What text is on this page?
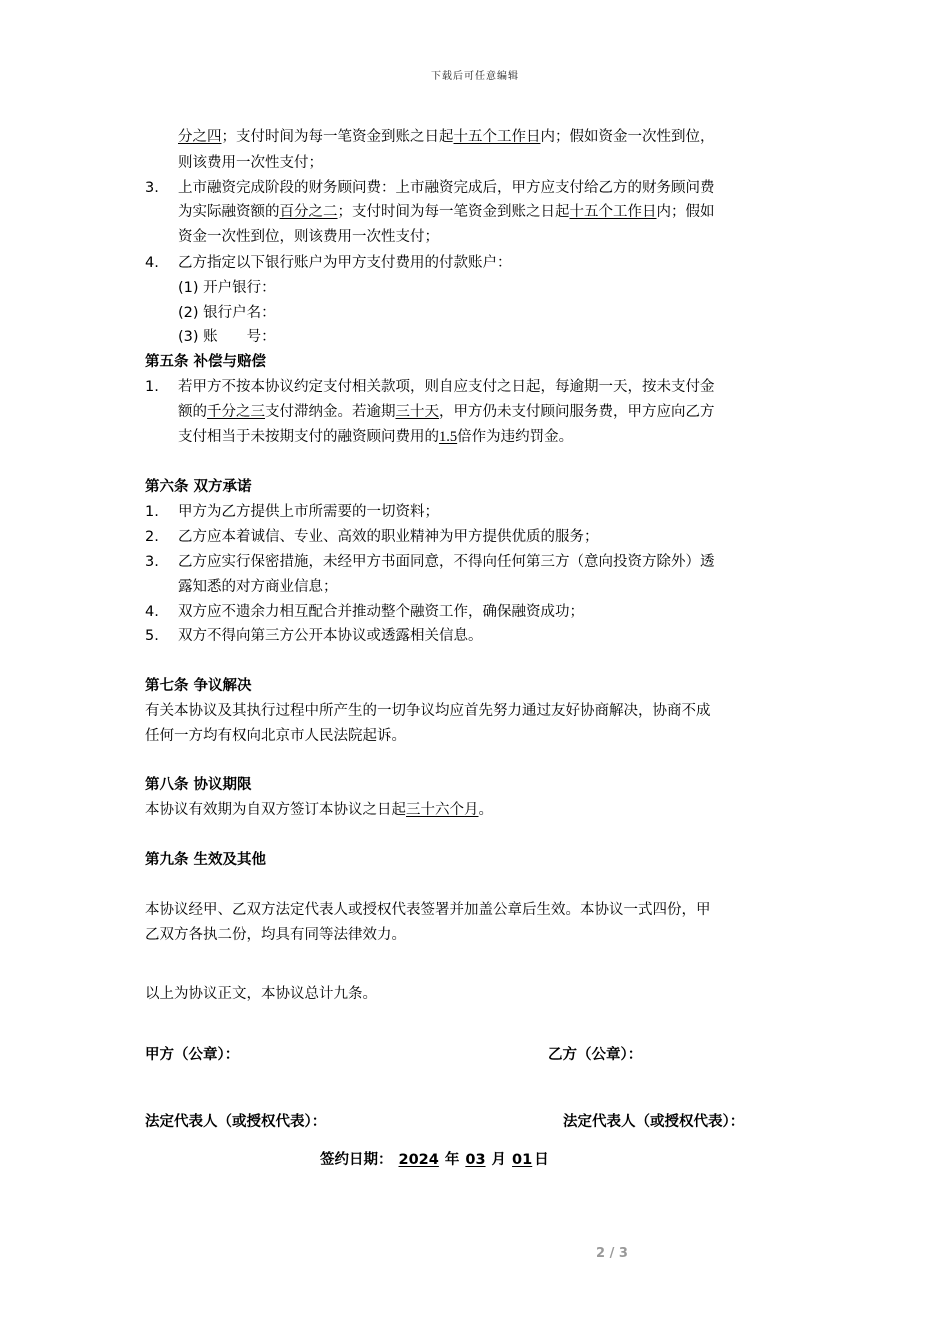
下载后可任意编辑
分之四；支付时间为每一笔资金到账之日起十五个工作日内；假如资金一次性到位，
则该费用一次性支付；
3. 上市融资完成阶段的财务顾问费：上市融资完成后，甲方应支付给乙方的财务顾问费
为实际融资额的百分之二；支付时间为每一笔资金到账之日起十五个工作日内；假如
资金一次性到位，则该费用一次性支付；
4. 乙方指定以下银行账户为甲方支付费用的付款账户：
(1) 开户银行：
(2) 银行户名：
(3) 账　　号：
第五条 补偿与赔偿
1. 若甲方不按本协议约定支付相关款项，则自应支付之日起，每逾期一天，按未支付金
额的千分之三支付滞纳金。若逾期三十天，甲方仍未支付顾问服务费，甲方应向乙方
支付相当于未按期支付的融资顾问费用的1.5倍作为违约罚金。
第六条 双方承诺
1. 甲方为乙方提供上市所需要的一切资料；
2. 乙方应本着诚信、专业、高效的职业精神为甲方提供优质的服务；
3. 乙方应实行保密措施，未经甲方书面同意，不得向任何第三方（意向投资方除外）透
露知悉的对方商业信息；
4. 双方应不遗余力相互配合并推动整个融资工作，确保融资成功；
5. 双方不得向第三方公开本协议或透露相关信息。
第七条 争议解决
有关本协议及其执行过程中所产生的一切争议均应首先努力通过友好协商解决，协商不成
任何一方均有权向北京市人民法院起诉。
第八条 协议期限
本协议有效期为自双方签订本协议之日起三十六个月。
第九条 生效及其他
本协议经甲、乙双方法定代表人或授权代表签署并加盖公章后生效。本协议一式四份，甲
乙双方各执二份，均具有同等法律效力。
以上为协议正文，本协议总计九条。
甲方（公章）：	乙方（公章）：
法定代表人（或授权代表）：	法定代表人（或授权代表）：
签约日期： 2024 年 03 月 01 日
2 / 3
